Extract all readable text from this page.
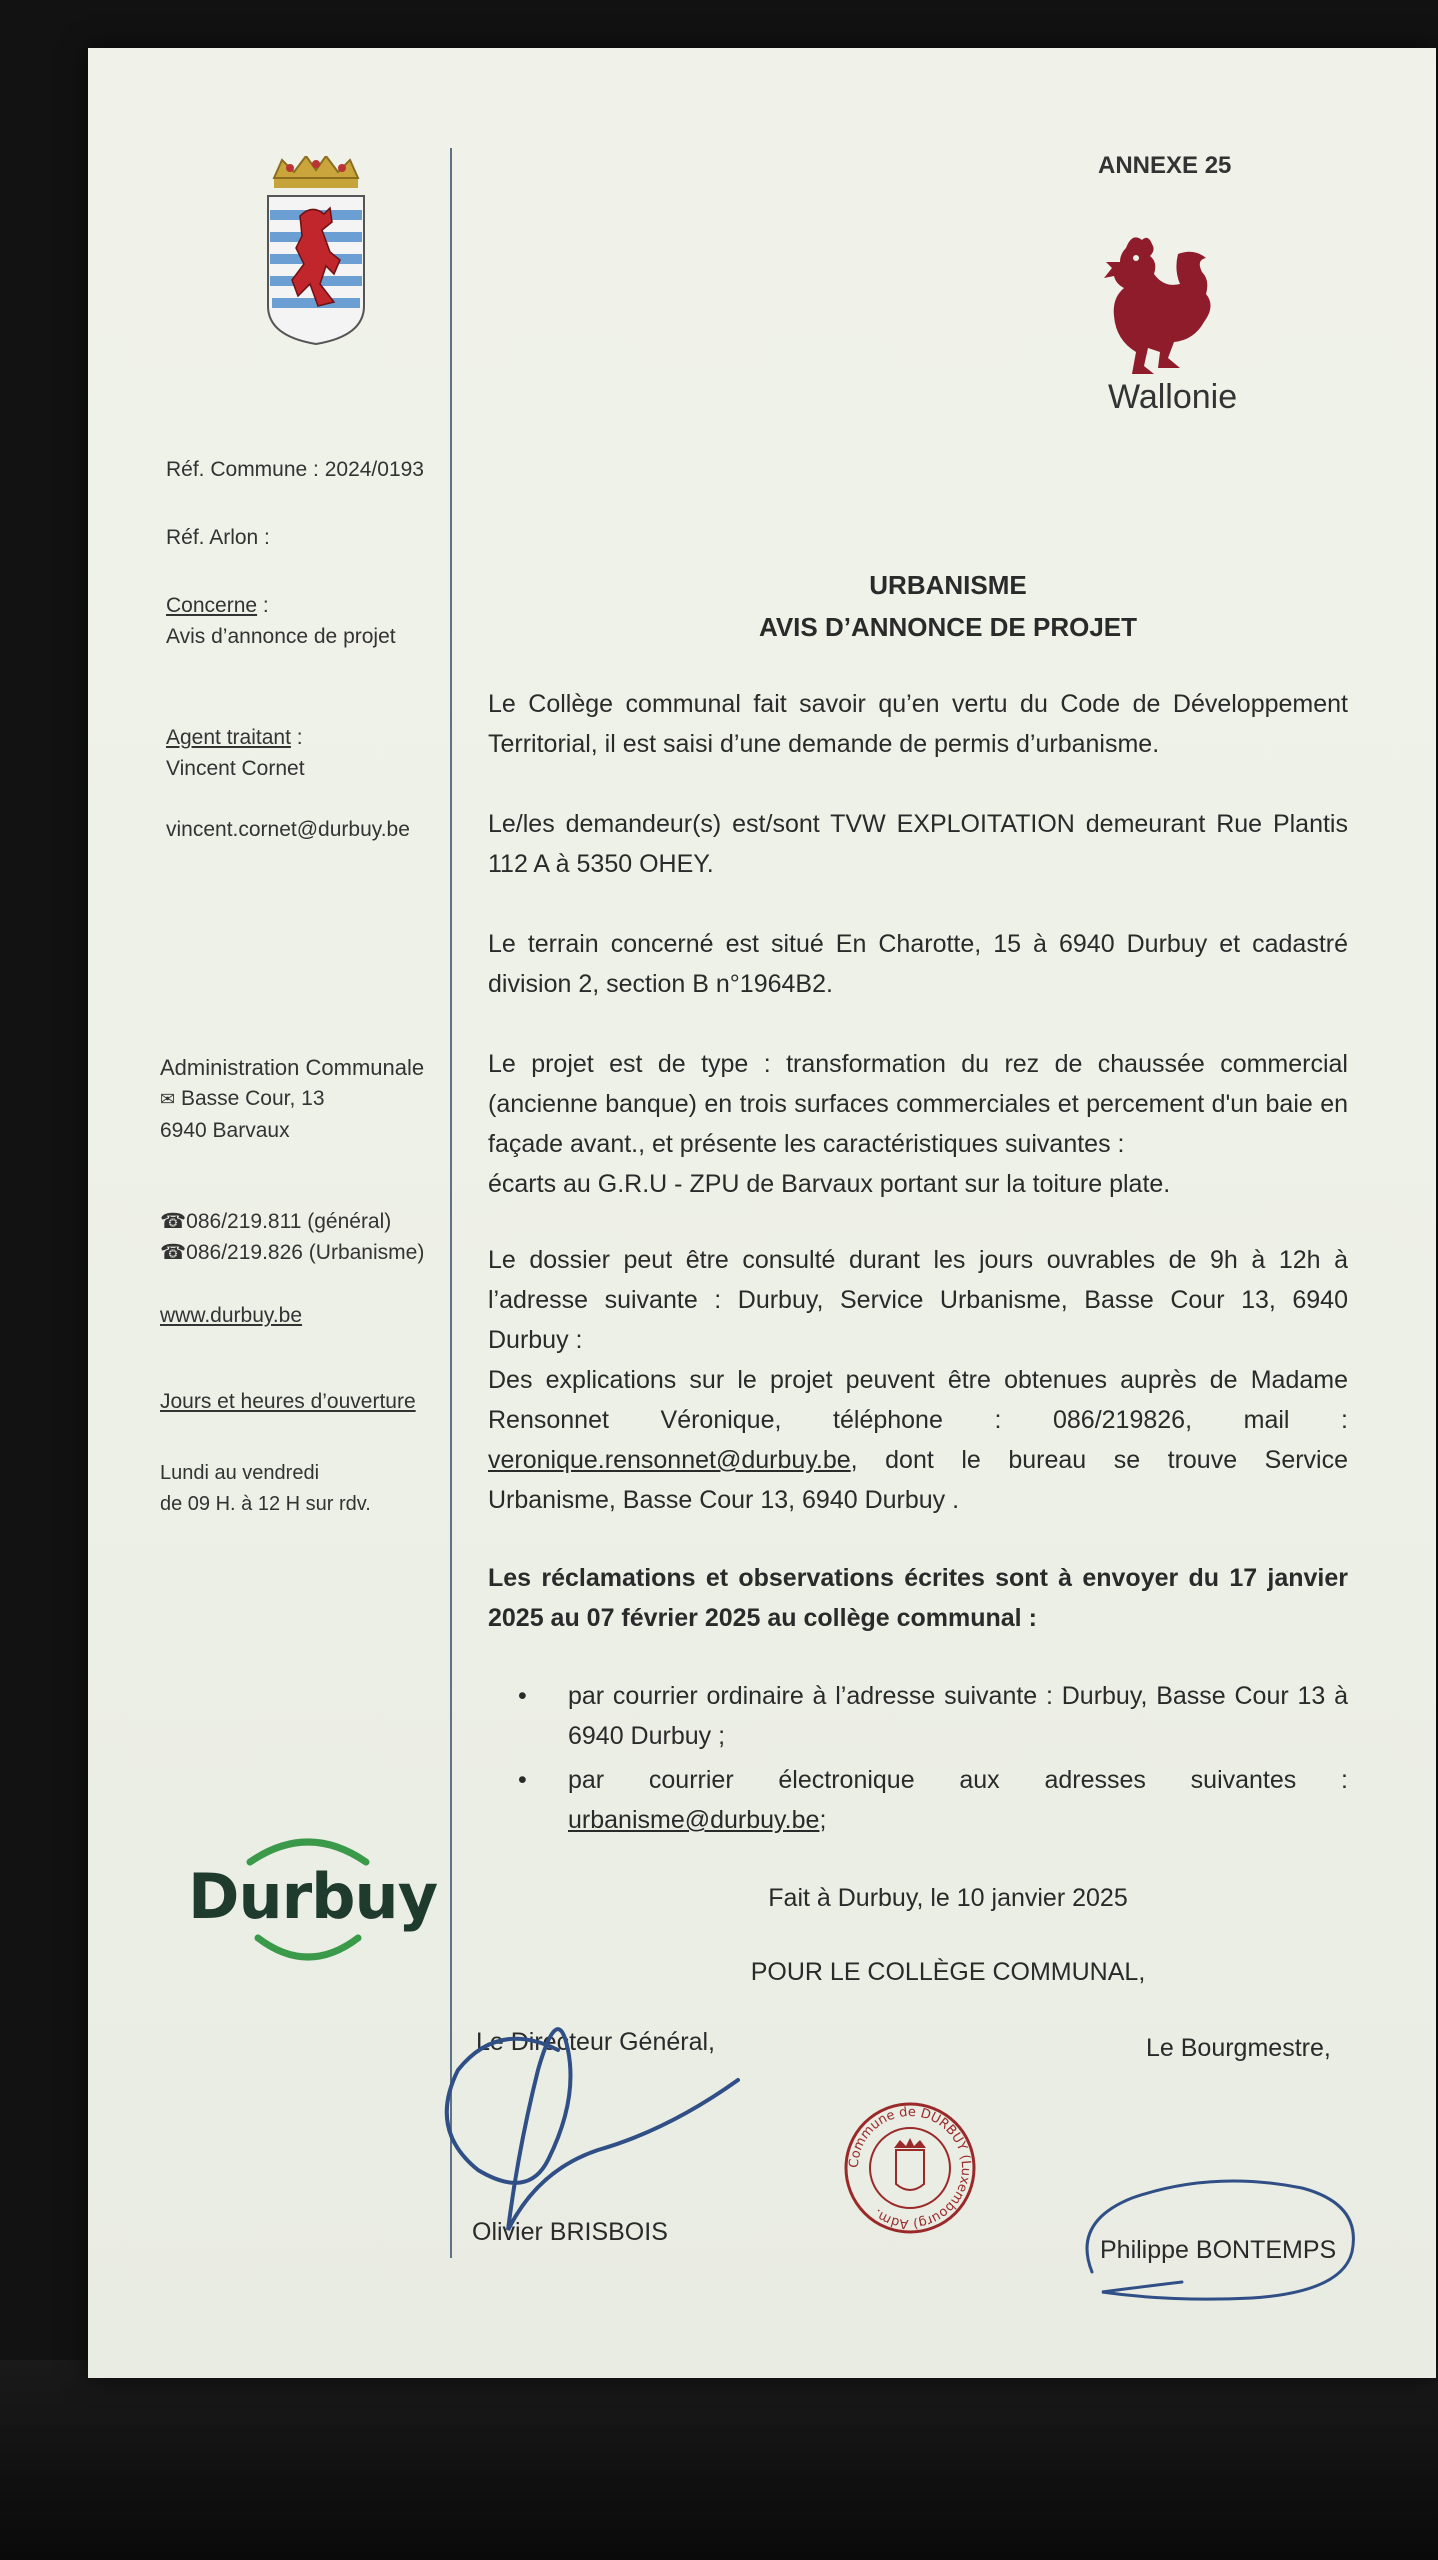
ANNEXE 25
Wallonie
Réf. Commune : 2024/0193
Réf. Arlon :
Concerne :
Avis d’annonce de projet
Agent traitant :
Vincent Cornet
vincent.cornet@durbuy.be
Administration Communale
✉ Basse Cour, 13
6940 Barvaux
☎086/219.811 (général)
☎086/219.826 (Urbanisme)
www.durbuy.be
Jours et heures d’ouverture
Lundi au vendredi
de 09 H. à 12 H sur rdv.
Durbuy
URBANISME
AVIS D’ANNONCE DE PROJET
Le Collège communal fait savoir qu’en vertu du Code de Développement Territorial, il est saisi d’une demande de permis d’urbanisme.
Le/les demandeur(s) est/sont TVW EXPLOITATION demeurant Rue Plantis 112 A à 5350 OHEY.
Le terrain concerné est situé En Charotte, 15 à 6940 Durbuy et cadastré division 2, section B n°1964B2.
Le projet est de type : transformation du rez de chaussée commercial (ancienne banque) en trois surfaces commerciales et percement d'un baie en façade avant., et présente les caractéristiques suivantes :
écarts au G.R.U - ZPU de Barvaux portant sur la toiture plate.
Le dossier peut être consulté durant les jours ouvrables de 9h à 12h à l’adresse suivante : Durbuy, Service Urbanisme, Basse Cour 13, 6940 Durbuy :
Des explications sur le projet peuvent être obtenues auprès de Madame Rensonnet Véronique, téléphone : 086/219826, mail : veronique.rensonnet@durbuy.be, dont le bureau se trouve Service Urbanisme, Basse Cour 13, 6940 Durbuy .
Les réclamations et observations écrites sont à envoyer du 17 janvier 2025 au 07 février 2025 au collège communal :
• par courrier ordinaire à l’adresse suivante : Durbuy, Basse Cour 13 à 6940 Durbuy ;
• par courrier électronique aux adresses suivantes : urbanisme@durbuy.be;
Fait à Durbuy, le 10 janvier 2025
POUR LE COLLÈGE COMMUNAL,
Le Directeur Général,	Le Bourgmestre,
Olivier BRISBOIS
Commune de DURBUY (Luxembourg) Adm.
Philippe BONTEMPS
